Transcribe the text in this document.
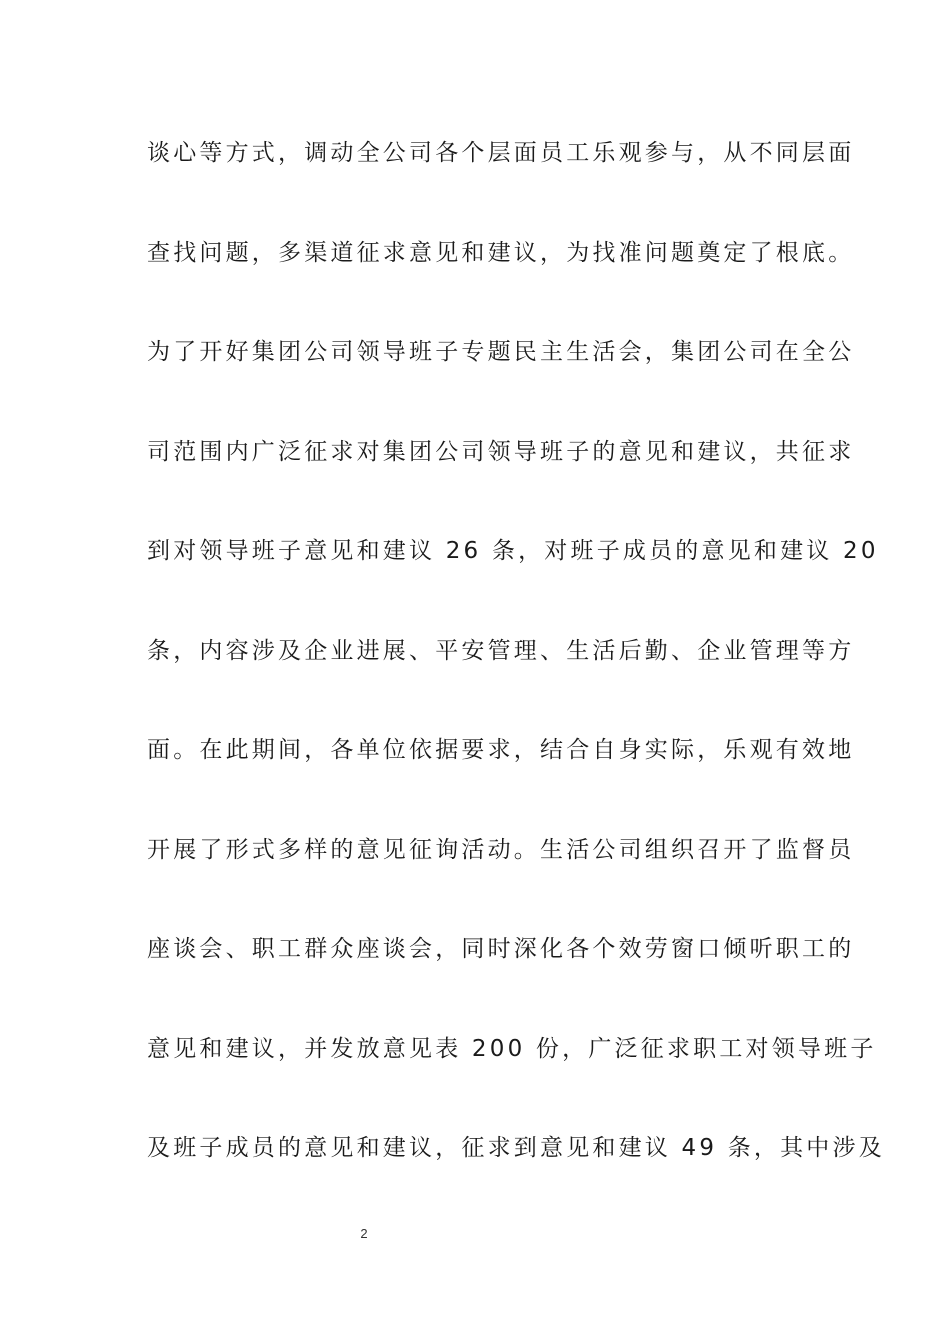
谈心等方式，调动全公司各个层面员工乐观参与，从不同层面
查找问题，多渠道征求意见和建议，为找准问题奠定了根底。
为了开好集团公司领导班子专题民主生活会，集团公司在全公
司范围内广泛征求对集团公司领导班子的意见和建议，共征求
到对领导班子意见和建议 26 条，对班子成员的意见和建议 20
条，内容涉及企业进展、平安管理、生活后勤、企业管理等方
面。在此期间，各单位依据要求，结合自身实际，乐观有效地
开展了形式多样的意见征询活动。生活公司组织召开了监督员
座谈会、职工群众座谈会，同时深化各个效劳窗口倾听职工的
意见和建议，并发放意见表 200 份，广泛征求职工对领导班子
及班子成员的意见和建议，征求到意见和建议 49 条，其中涉及
2
